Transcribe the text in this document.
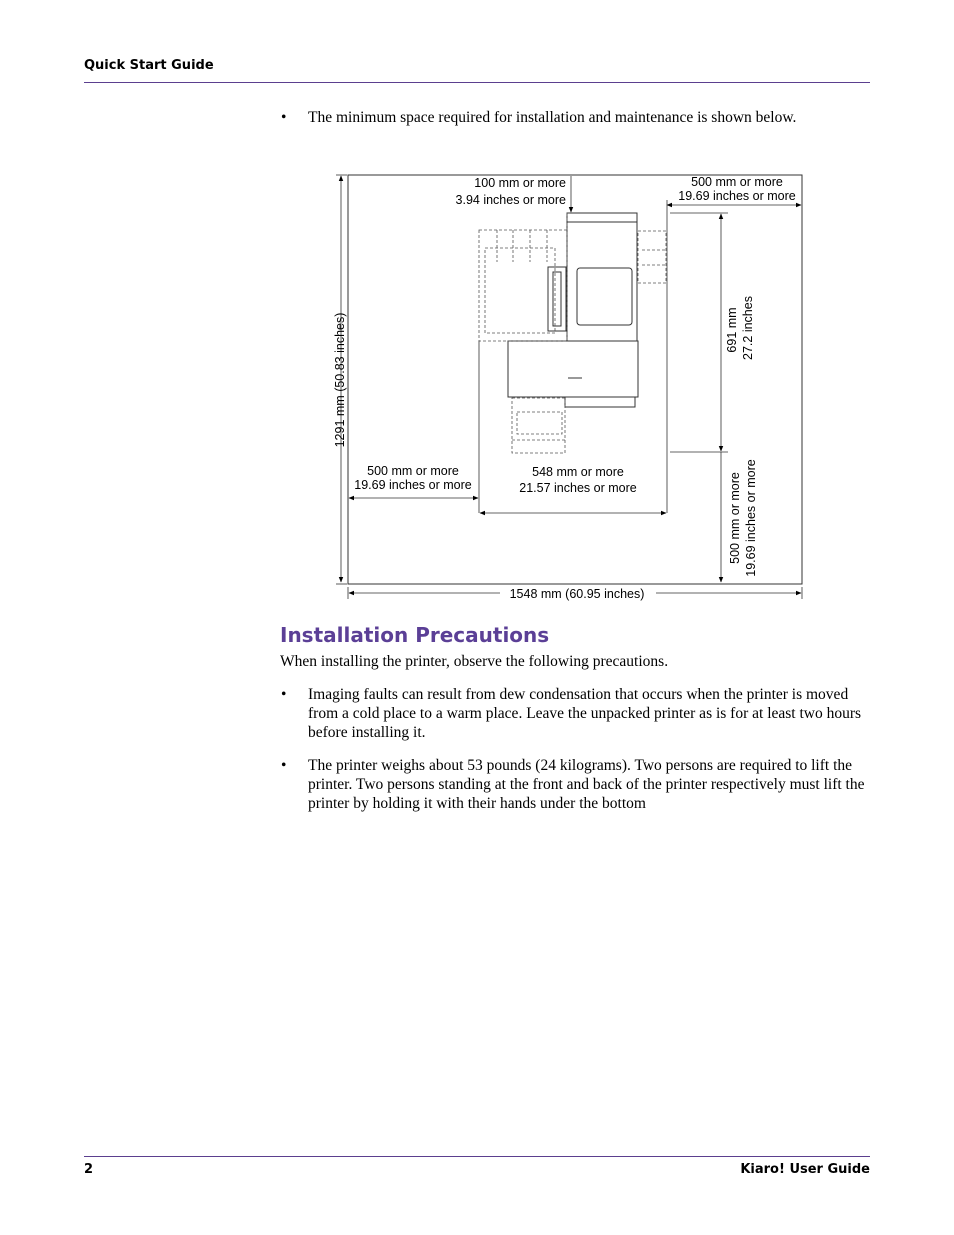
Quick Start Guide
• The minimum space required for installation and maintenance is shown below.
100 mm or more
3.94 inches or more
500 mm or more
19.69 inches or more
691 mm 27.2 inches
1291 mm (50.83 inches)
500 mm or more
19.69 inches or more
548 mm or more
21.57 inches or more	500 mm or more 19.69 inches or more
1548 mm (60.95 inches)
Installation Precautions
When installing the printer, observe the following precautions.
• Imaging faults can result from dew condensation that occurs when the printer is moved from a cold place to a warm place. Leave the unpacked printer as is for at least two hours before installing it.
• The printer weighs about 53 pounds (24 kilograms). Two persons are required to lift the printer. Two persons standing at the front and back of the printer respectively must lift the printer by holding it with their hands under the bottom
2	Kiaro! User Guide
